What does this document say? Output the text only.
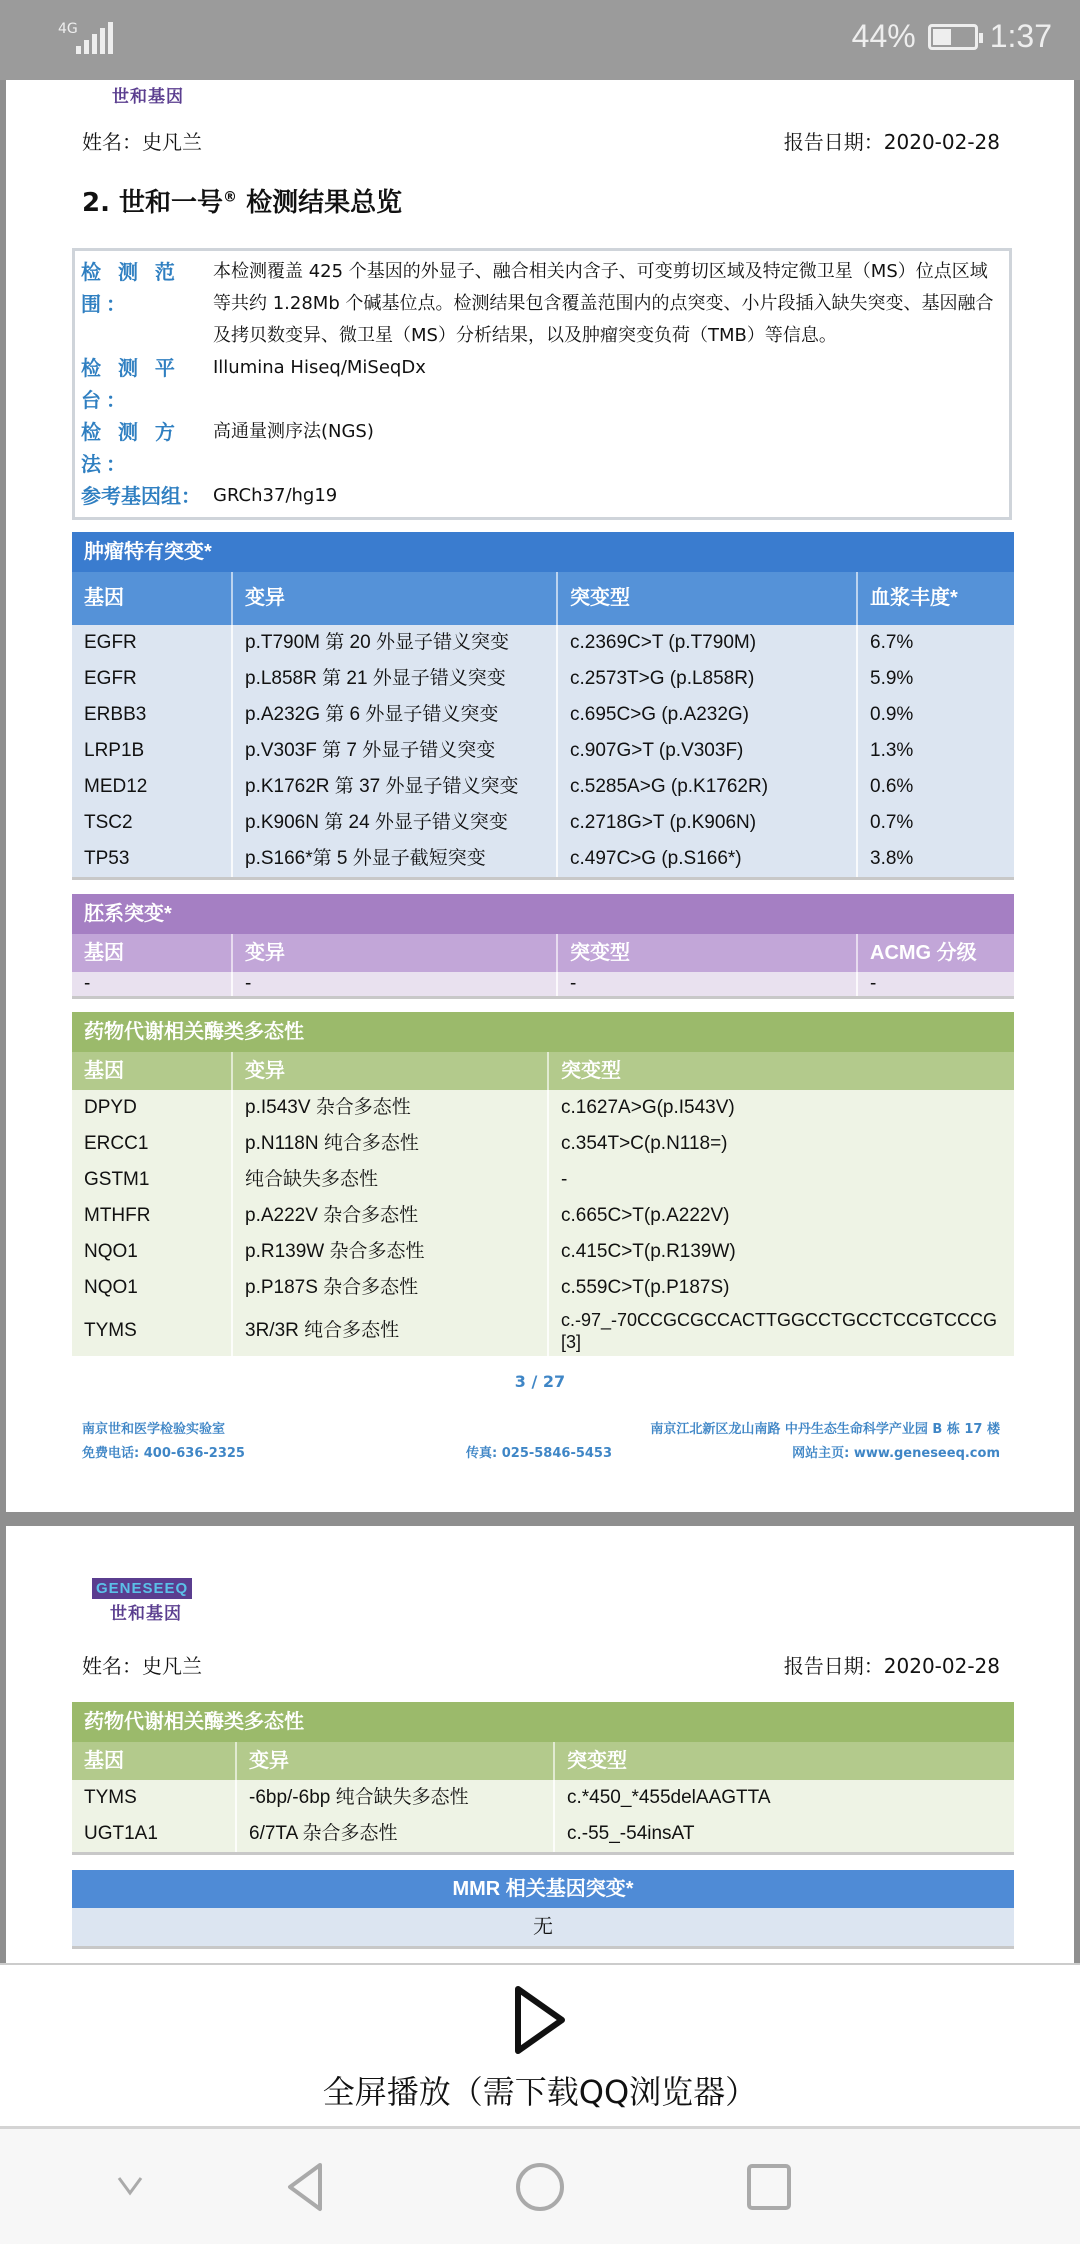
4G	44% 1:37
世和基因
姓名：史凡兰	报告日期：2020-02-28
2. 世和一号® 检测结果总览
检 测 范 围：
本检测覆盖 425 个基因的外显子、融合相关内含子、可变剪切区域及特定微卫星（MS）位点区域等共约 1.28Mb 个碱基位点。检测结果包含覆盖范围内的点突变、小片段插入缺失突变、基因融合及拷贝数变异、微卫星（MS）分析结果，以及肿瘤突变负荷（TMB）等信息。
检 测 平 台：
Illumina Hiseq/MiSeqDx
检 测 方 法：
高通量测序法(NGS)
参考基因组： GRCh37/hg19
肿瘤特有突变*
基因	变异	突变型	血浆丰度*
EGFR	p.T790M 第 20 外显子错义突变	c.2369C>T (p.T790M)	6.7%
EGFR	p.L858R 第 21 外显子错义突变	c.2573T>G (p.L858R)	5.9%
ERBB3	p.A232G 第 6 外显子错义突变	c.695C>G (p.A232G)	0.9%
LRP1B	p.V303F 第 7 外显子错义突变	c.907G>T (p.V303F)	1.3%
MED12	p.K1762R 第 37 外显子错义突变	c.5285A>G (p.K1762R)	0.6%
TSC2	p.K906N 第 24 外显子错义突变	c.2718G>T (p.K906N)	0.7%
TP53	p.S166*第 5 外显子截短突变	c.497C>G (p.S166*)	3.8%
胚系突变*
基因	变异	突变型	ACMG 分级
-	-	-	-
药物代谢相关酶类多态性
基因	变异	突变型
DPYD	p.I543V 杂合多态性	c.1627A>G(p.I543V)
ERCC1	p.N118N 纯合多态性	c.354T>C(p.N118=)
GSTM1	纯合缺失多态性	-
MTHFR	p.A222V 杂合多态性	c.665C>T(p.A222V)
NQO1	p.R139W 杂合多态性	c.415C>T(p.R139W)
NQO1	p.P187S 杂合多态性	c.559C>T(p.P187S)
TYMS	3R/3R 纯合多态性	c.-97_-70CCGCGCCACTTGGCCTGCCTCCGTCCCG[3]
3 / 27
南京世和医学检验实验室	南京江北新区龙山南路 中丹生态生命科学产业园 B 栋 17 楼
免费电话: 400-636-2325	传真: 025-5846-5453	网站主页: www.geneseeq.com
GENESEEQ
世和基因
姓名：史凡兰	报告日期：2020-02-28
药物代谢相关酶类多态性
基因	变异	突变型
TYMS	-6bp/-6bp 纯合缺失多态性	c.*450_*455delAAGTTA
UGT1A1	6/7TA 杂合多态性	c.-55_-54insAT
MMR 相关基因突变*
无
全屏播放（需下载QQ浏览器）
